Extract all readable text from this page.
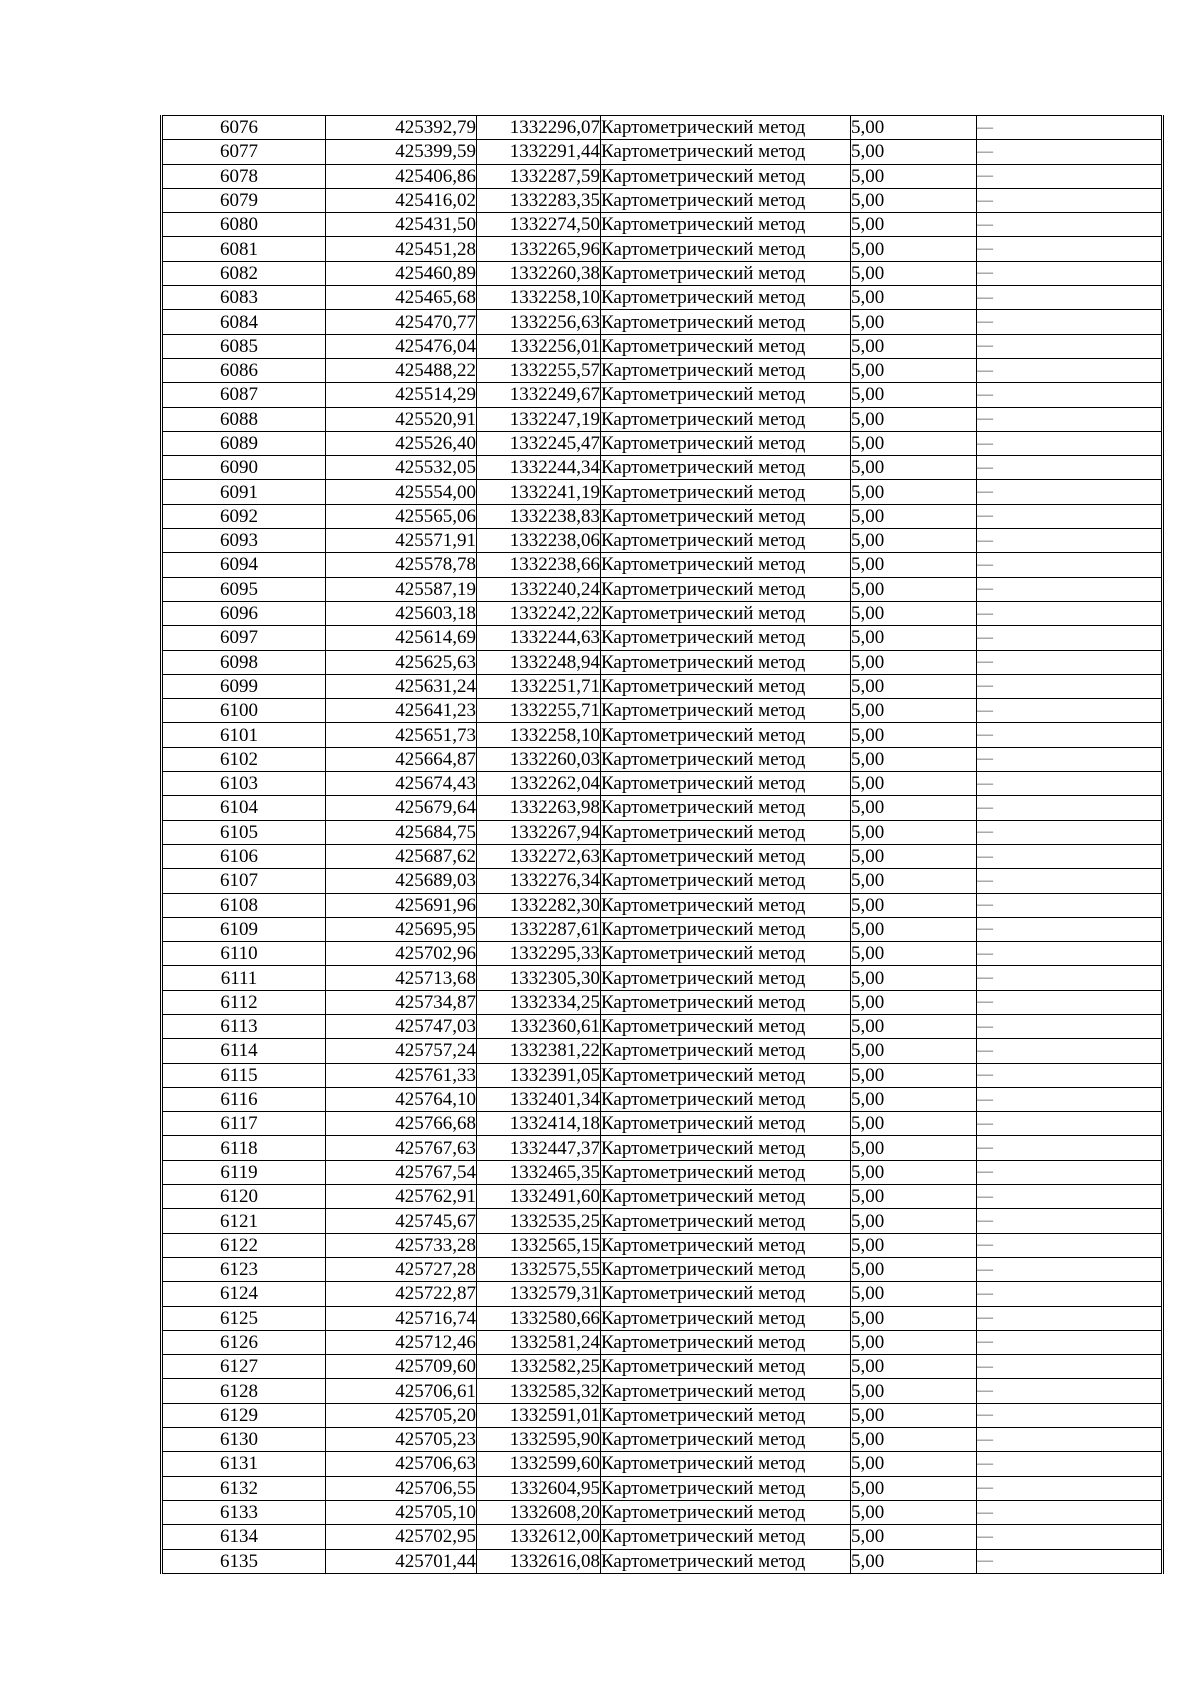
6076	425392,79	1332296,07	Картометрический метод	5,00	—
6077	425399,59	1332291,44	Картометрический метод	5,00	—
6078	425406,86	1332287,59	Картометрический метод	5,00	—
6079	425416,02	1332283,35	Картометрический метод	5,00	—
6080	425431,50	1332274,50	Картометрический метод	5,00	—
6081	425451,28	1332265,96	Картометрический метод	5,00	—
6082	425460,89	1332260,38	Картометрический метод	5,00	—
6083	425465,68	1332258,10	Картометрический метод	5,00	—
6084	425470,77	1332256,63	Картометрический метод	5,00	—
6085	425476,04	1332256,01	Картометрический метод	5,00	—
6086	425488,22	1332255,57	Картометрический метод	5,00	—
6087	425514,29	1332249,67	Картометрический метод	5,00	—
6088	425520,91	1332247,19	Картометрический метод	5,00	—
6089	425526,40	1332245,47	Картометрический метод	5,00	—
6090	425532,05	1332244,34	Картометрический метод	5,00	—
6091	425554,00	1332241,19	Картометрический метод	5,00	—
6092	425565,06	1332238,83	Картометрический метод	5,00	—
6093	425571,91	1332238,06	Картометрический метод	5,00	—
6094	425578,78	1332238,66	Картометрический метод	5,00	—
6095	425587,19	1332240,24	Картометрический метод	5,00	—
6096	425603,18	1332242,22	Картометрический метод	5,00	—
6097	425614,69	1332244,63	Картометрический метод	5,00	—
6098	425625,63	1332248,94	Картометрический метод	5,00	—
6099	425631,24	1332251,71	Картометрический метод	5,00	—
6100	425641,23	1332255,71	Картометрический метод	5,00	—
6101	425651,73	1332258,10	Картометрический метод	5,00	—
6102	425664,87	1332260,03	Картометрический метод	5,00	—
6103	425674,43	1332262,04	Картометрический метод	5,00	—
6104	425679,64	1332263,98	Картометрический метод	5,00	—
6105	425684,75	1332267,94	Картометрический метод	5,00	—
6106	425687,62	1332272,63	Картометрический метод	5,00	—
6107	425689,03	1332276,34	Картометрический метод	5,00	—
6108	425691,96	1332282,30	Картометрический метод	5,00	—
6109	425695,95	1332287,61	Картометрический метод	5,00	—
6110	425702,96	1332295,33	Картометрический метод	5,00	—
6111	425713,68	1332305,30	Картометрический метод	5,00	—
6112	425734,87	1332334,25	Картометрический метод	5,00	—
6113	425747,03	1332360,61	Картометрический метод	5,00	—
6114	425757,24	1332381,22	Картометрический метод	5,00	—
6115	425761,33	1332391,05	Картометрический метод	5,00	—
6116	425764,10	1332401,34	Картометрический метод	5,00	—
6117	425766,68	1332414,18	Картометрический метод	5,00	—
6118	425767,63	1332447,37	Картометрический метод	5,00	—
6119	425767,54	1332465,35	Картометрический метод	5,00	—
6120	425762,91	1332491,60	Картометрический метод	5,00	—
6121	425745,67	1332535,25	Картометрический метод	5,00	—
6122	425733,28	1332565,15	Картометрический метод	5,00	—
6123	425727,28	1332575,55	Картометрический метод	5,00	—
6124	425722,87	1332579,31	Картометрический метод	5,00	—
6125	425716,74	1332580,66	Картометрический метод	5,00	—
6126	425712,46	1332581,24	Картометрический метод	5,00	—
6127	425709,60	1332582,25	Картометрический метод	5,00	—
6128	425706,61	1332585,32	Картометрический метод	5,00	—
6129	425705,20	1332591,01	Картометрический метод	5,00	—
6130	425705,23	1332595,90	Картометрический метод	5,00	—
6131	425706,63	1332599,60	Картометрический метод	5,00	—
6132	425706,55	1332604,95	Картометрический метод	5,00	—
6133	425705,10	1332608,20	Картометрический метод	5,00	—
6134	425702,95	1332612,00	Картометрический метод	5,00	—
6135	425701,44	1332616,08	Картометрический метод	5,00	—
